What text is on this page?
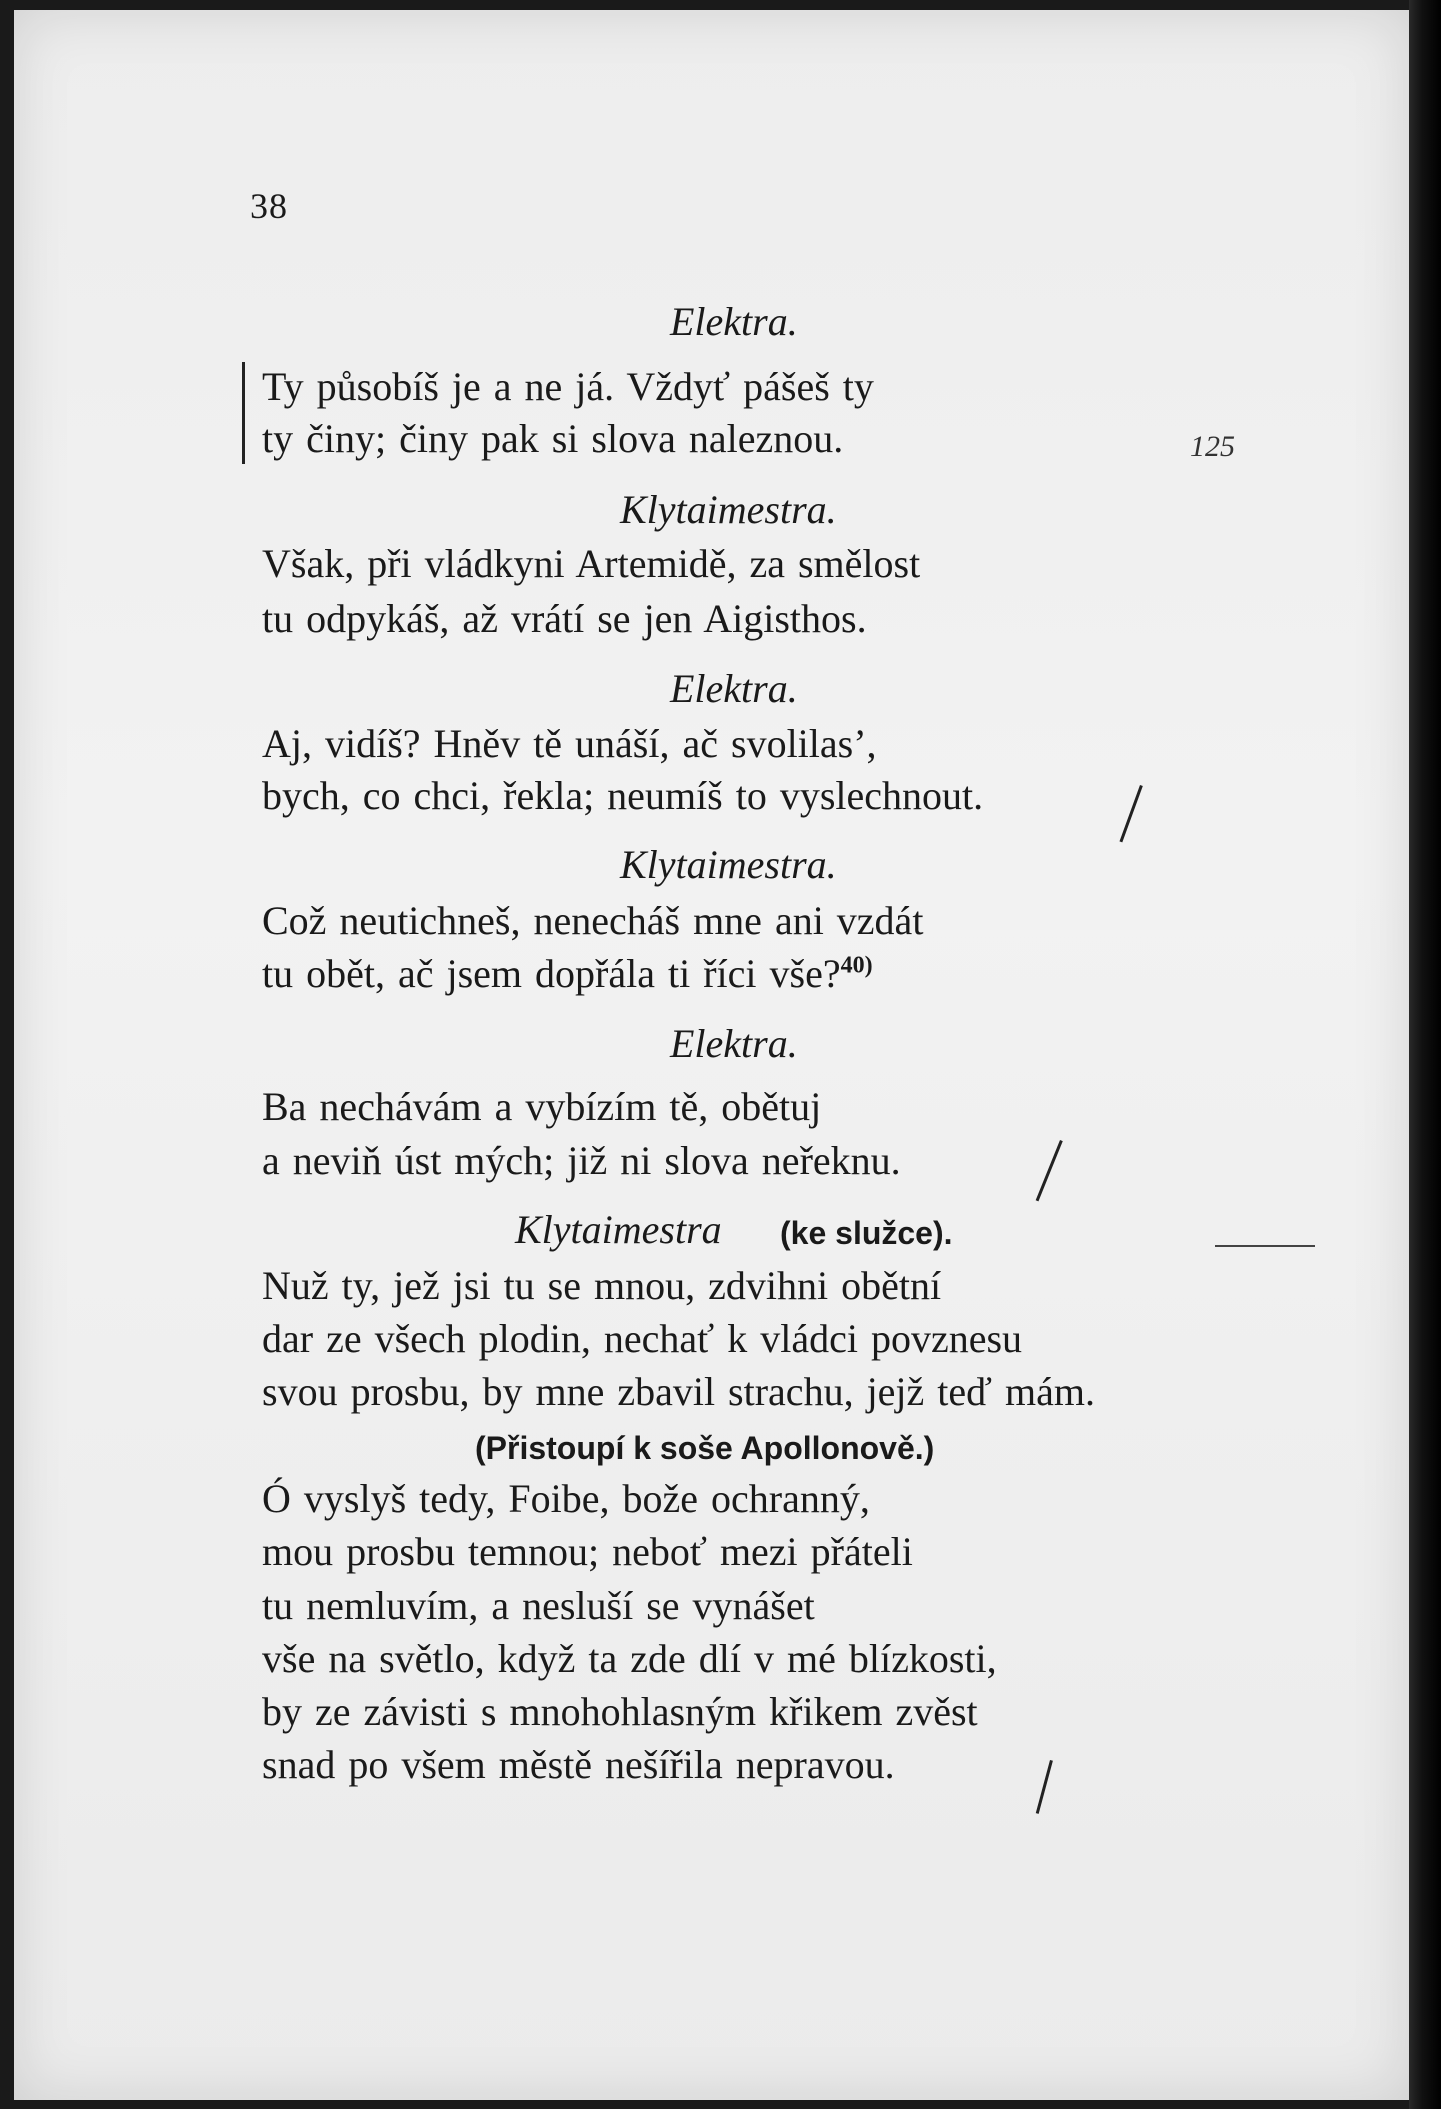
38
125
Elektra.
Ty působíš je a ne já. Vždyť pášeš ty
ty činy; činy pak si slova naleznou.
Klytaimestra.
Však, při vládkyni Artemidě, za smělost
tu odpykáš, až vrátí se jen Aigisthos.
Elektra.
Aj, vidíš? Hněv tě unáší, ač svolilas’,
bych, co chci, řekla; neumíš to vyslechnout.
Klytaimestra.
Což neutichneš, nenecháš mne ani vzdát
tu obět, ač jsem dopřála ti říci vše?$^{40)}$
Elektra.
Ba nechávám a vybízím tě, obětuj
a neviň úst mých; již ni slova neřeknu.
Klytaimestra (ke služce).
Nuž ty, jež jsi tu se mnou, zdvihni obětní
dar ze všech plodin, nechať k vládci povznesu
svou prosbu, by mne zbavil strachu, jejž teď mám.
(Přistoupí k soše Apollonově.)
Ó vyslyš tedy, Foibe, bože ochranný,
mou prosbu temnou; neboť mezi přáteli
tu nemluvím, a nesluší se vynášet
vše na světlo, když ta zde dlí v mé blízkosti,
by ze závisti s mnohohlasným křikem zvěst
snad po všem městě nešířila nepravou.
